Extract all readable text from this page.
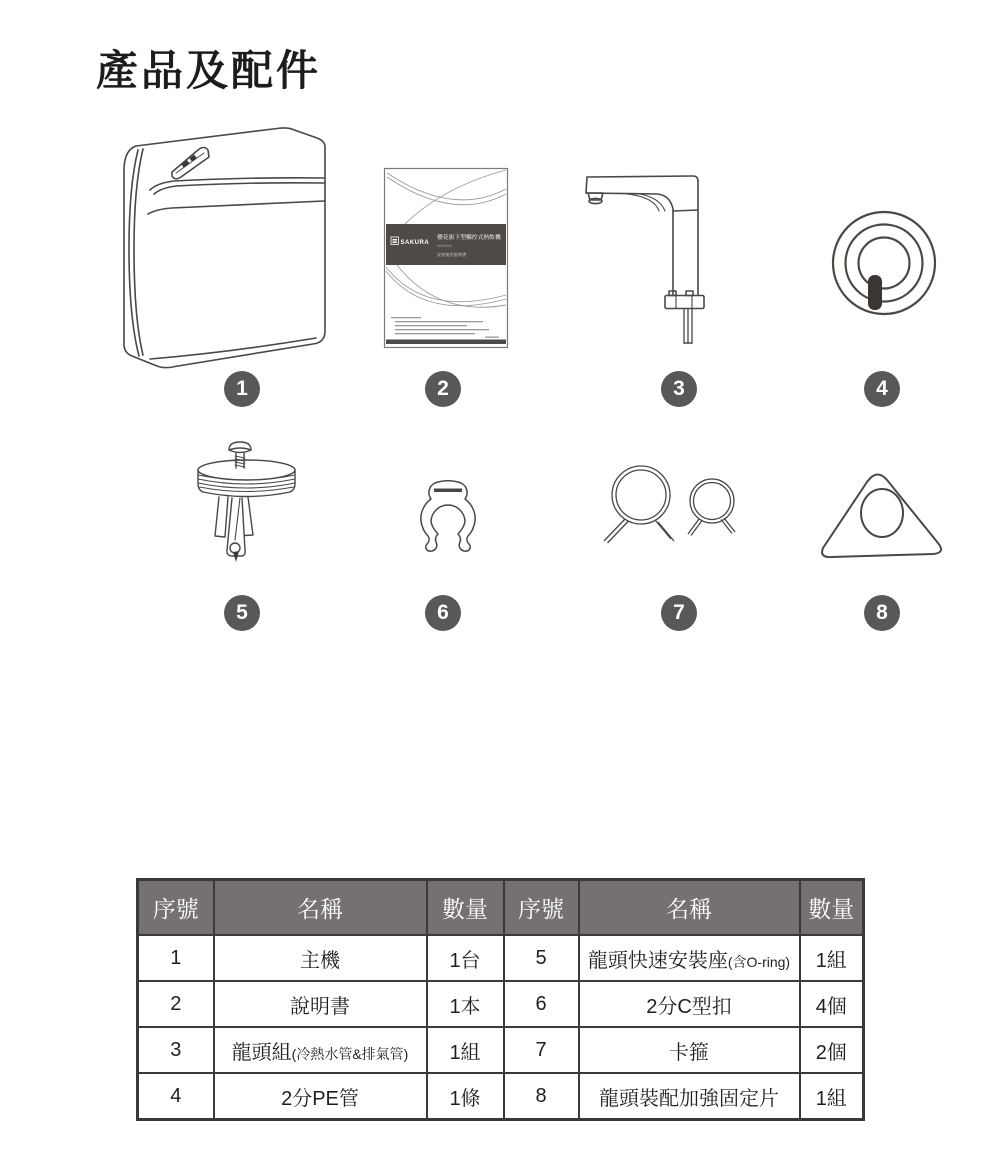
產品及配件
SAKURA
櫻花廚下型觸控式熱飲機
安裝使用說明書
1	2	3	4
5	6	7	8
序號	名稱	數量	序號	名稱	數量
1	主機	1台	5	龍頭快速安裝座(含O-ring)	1組
2	說明書	1本	6	2分C型扣	4個
3	龍頭組(冷熱水管&排氣管)	1組	7	卡箍	2個
4	2分PE管	1條	8	龍頭裝配加強固定片	1組
